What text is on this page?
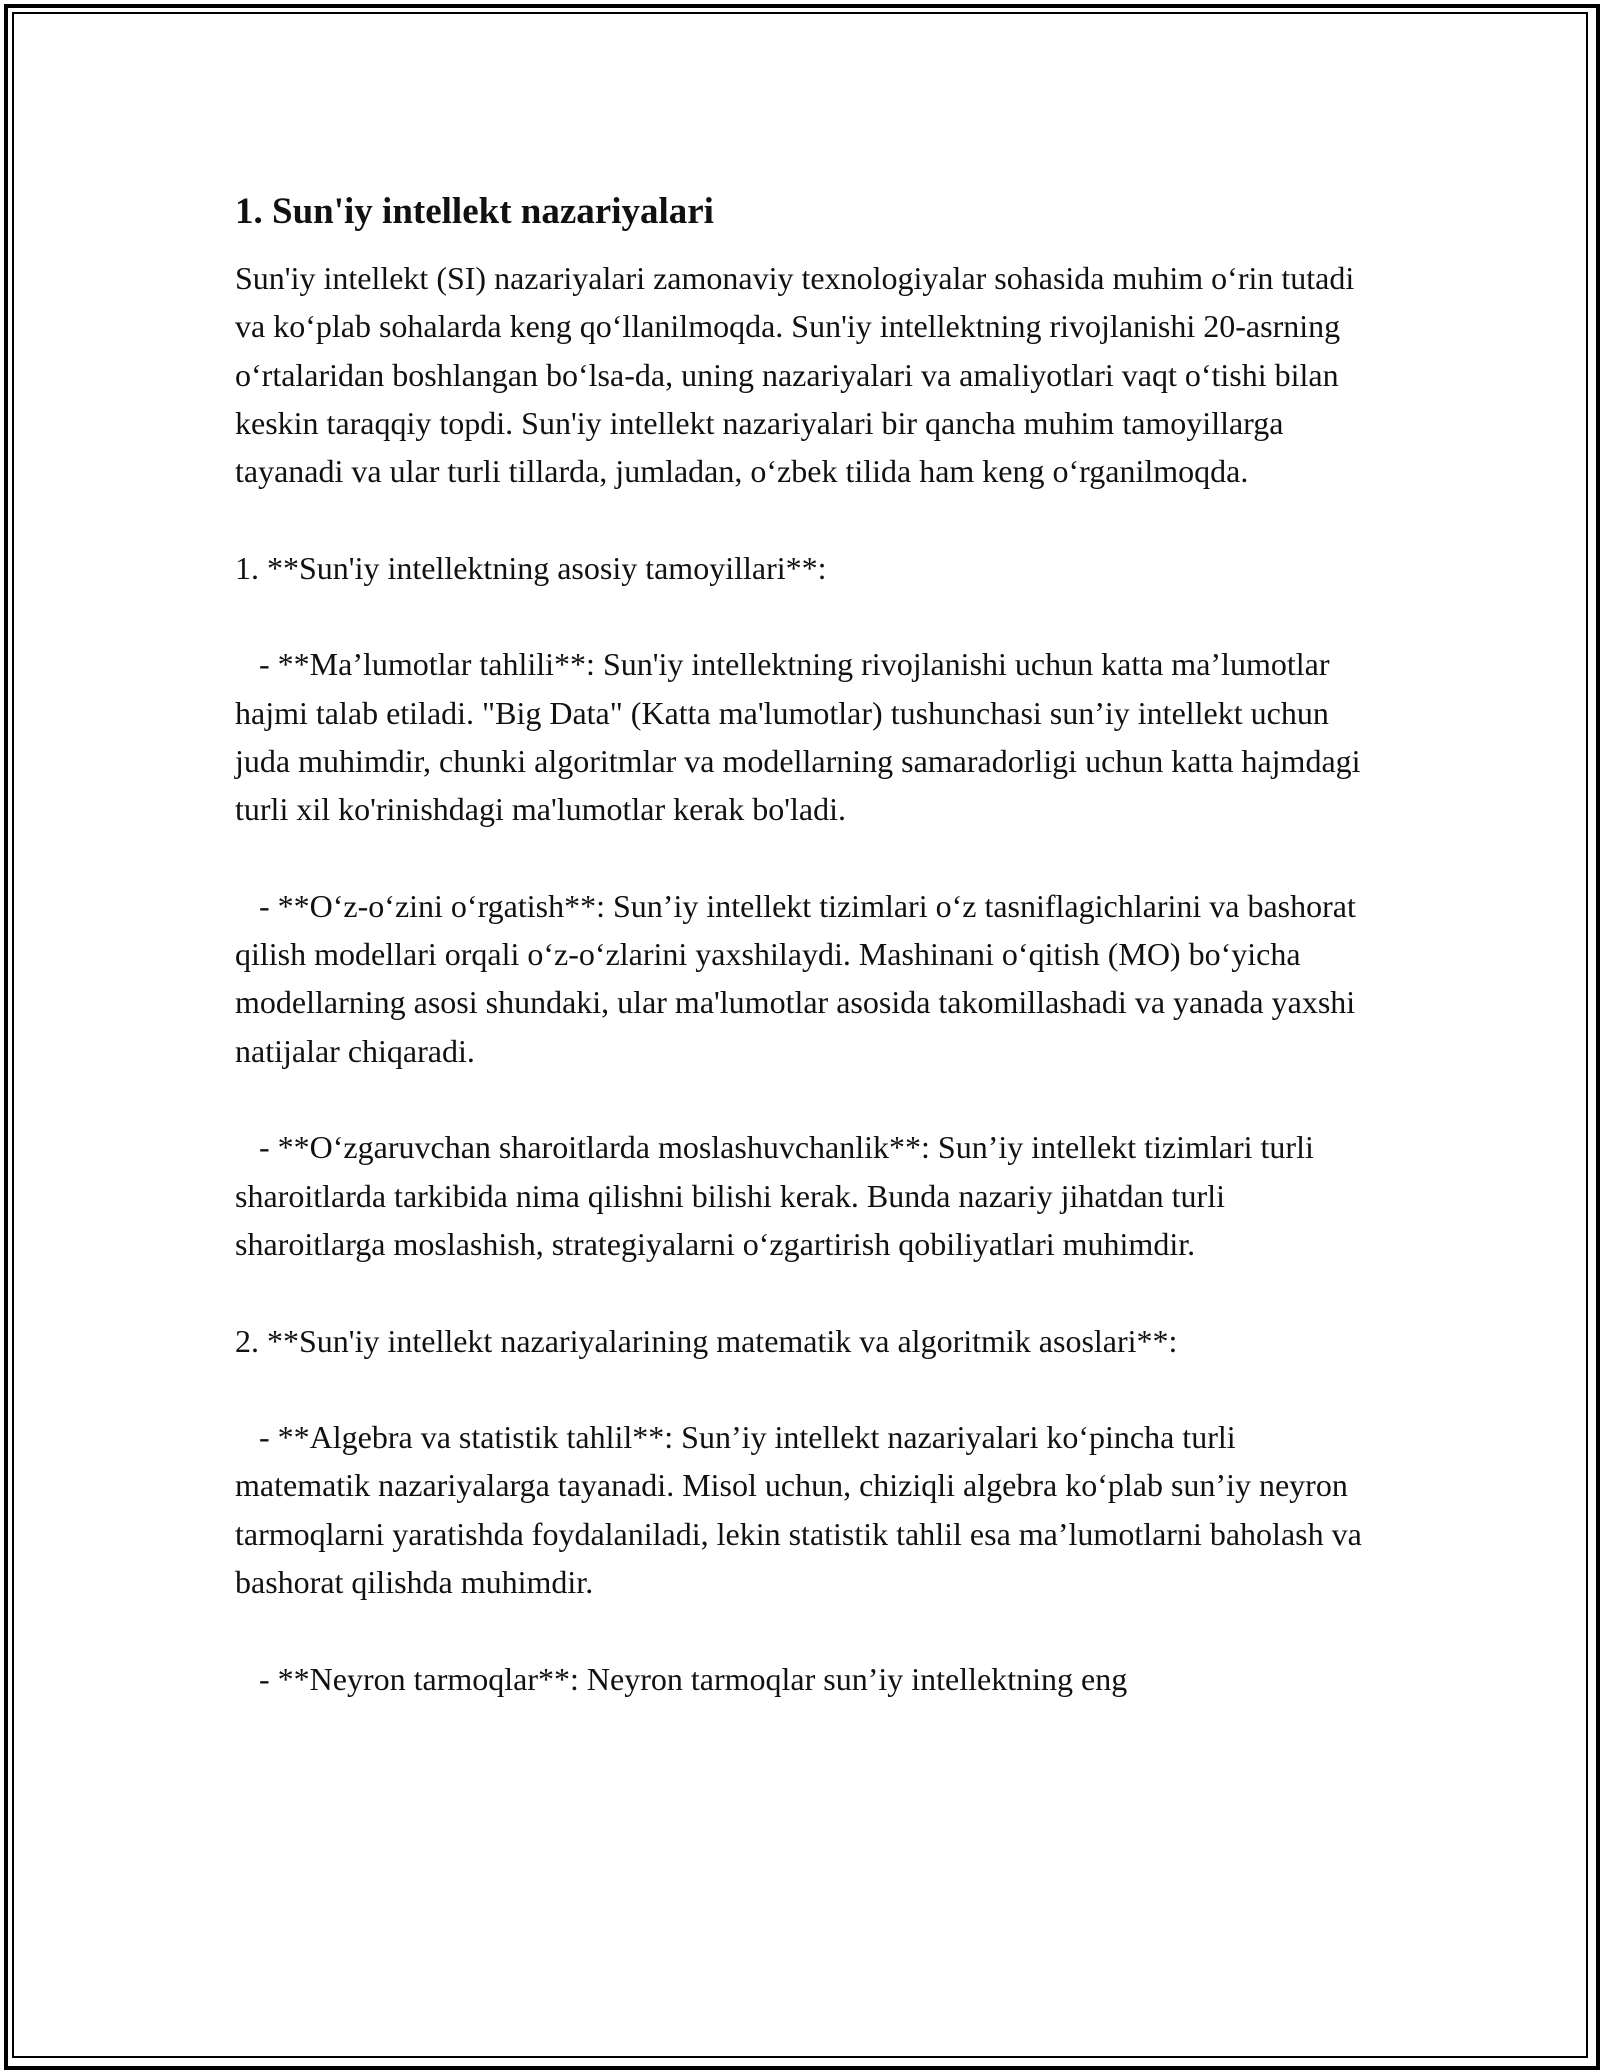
1. Sun'iy intellekt nazariyalari

Sun'iy intellekt (SI) nazariyalari zamonaviy texnologiyalar sohasida muhim o‘rin tutadi va ko‘plab sohalarda keng qo‘llanilmoqda. Sun'iy intellektning rivojlanishi 20-asrning o‘rtalaridan boshlangan bo‘lsa-da, uning nazariyalari va amaliyotlari vaqt o‘tishi bilan keskin taraqqiy topdi. Sun'iy intellekt nazariyalari bir qancha muhim tamoyillarga tayanadi va ular turli tillarda, jumladan, o‘zbek tilida ham keng o‘rganilmoqda.

1. **Sun'iy intellektning asosiy tamoyillari**:

- **Ma’lumotlar tahlili**: Sun'iy intellektning rivojlanishi uchun katta ma’lumotlar hajmi talab etiladi. "Big Data" (Katta ma'lumotlar) tushunchasi sun’iy intellekt uchun juda muhimdir, chunki algoritmlar va modellarning samaradorligi uchun katta hajmdagi turli xil ko'rinishdagi ma'lumotlar kerak bo'ladi.

- **O‘z-o‘zini o‘rgatish**: Sun’iy intellekt tizimlari o‘z tasniflagichlarini va bashorat qilish modellari orqali o‘z-o‘zlarini yaxshilaydi. Mashinani o‘qitish (MO) bo‘yicha modellarning asosi shundaki, ular ma'lumotlar asosida takomillashadi va yanada yaxshi natijalar chiqaradi.

- **O‘zgaruvchan sharoitlarda moslashuvchanlik**: Sun’iy intellekt tizimlari turli sharoitlarda tarkibida nima qilishni bilishi kerak. Bunda nazariy jihatdan turli sharoitlarga moslashish, strategiyalarni o‘zgartirish qobiliyatlari muhimdir.

2. **Sun'iy intellekt nazariyalarining matematik va algoritmik asoslari**:

- **Algebra va statistik tahlil**: Sun’iy intellekt nazariyalari ko‘pincha turli matematik nazariyalarga tayanadi. Misol uchun, chiziqli algebra ko‘plab sun’iy neyron tarmoqlarni yaratishda foydalaniladi, lekin statistik tahlil esa ma’lumotlarni baholash va bashorat qilishda muhimdir.

- **Neyron tarmoqlar**: Neyron tarmoqlar sun’iy intellektning eng
